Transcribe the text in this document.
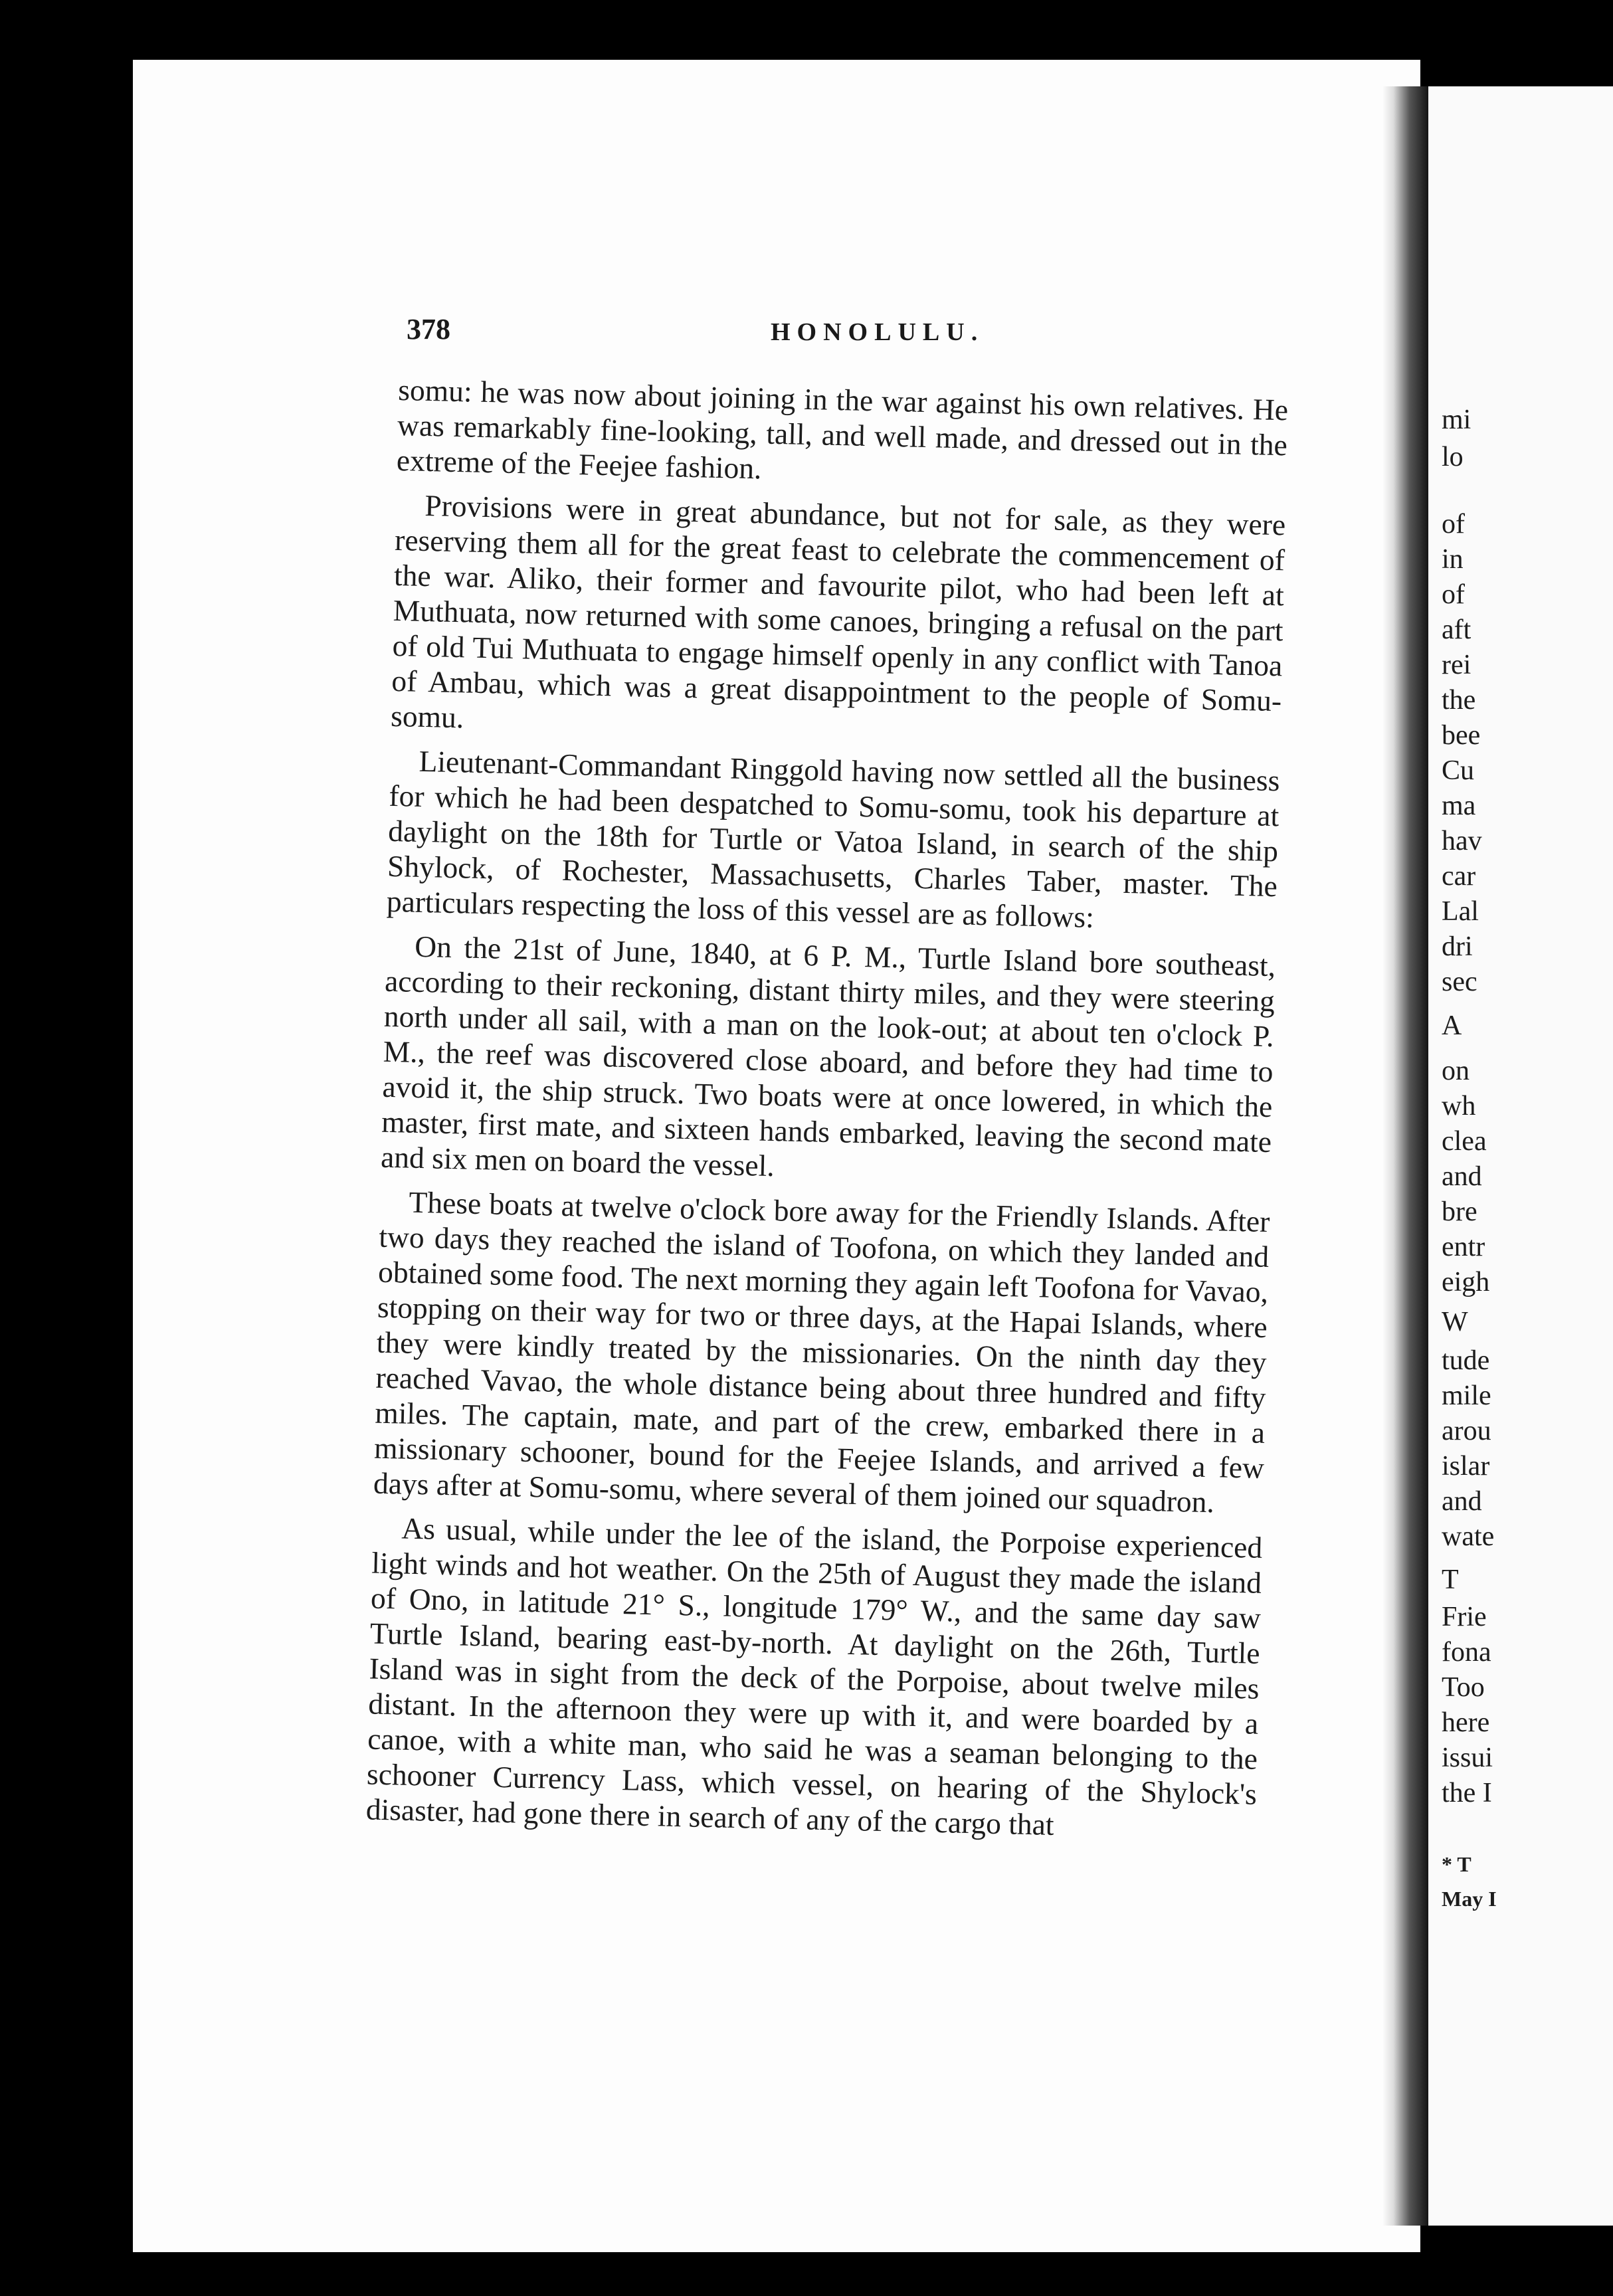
378	HONOLULU.

somu: he was now about joining in the war against his own relatives. He was remarkably fine-looking, tall, and well made, and dressed out in the extreme of the Feejee fashion.

Provisions were in great abundance, but not for sale, as they were reserving them all for the great feast to celebrate the commencement of the war. Aliko, their former and favourite pilot, who had been left at Muthuata, now returned with some canoes, bringing a refusal on the part of old Tui Muthuata to engage himself openly in any conflict with Tanoa of Ambau, which was a great disappointment to the people of Somu-somu.

Lieutenant-Commandant Ringgold having now settled all the business for which he had been despatched to Somu-somu, took his departure at daylight on the 18th for Turtle or Vatoa Island, in search of the ship Shylock, of Rochester, Massachusetts, Charles Taber, master. The particulars respecting the loss of this vessel are as follows:

On the 21st of June, 1840, at 6 P. M., Turtle Island bore southeast, according to their reckoning, distant thirty miles, and they were steering north under all sail, with a man on the look-out; at about ten o'clock P. M., the reef was discovered close aboard, and before they had time to avoid it, the ship struck. Two boats were at once lowered, in which the master, first mate, and sixteen hands embarked, leaving the second mate and six men on board the vessel.

These boats at twelve o'clock bore away for the Friendly Islands. After two days they reached the island of Toofona, on which they landed and obtained some food. The next morning they again left Toofona for Vavao, stopping on their way for two or three days, at the Hapai Islands, where they were kindly treated by the missionaries. On the ninth day they reached Vavao, the whole distance being about three hundred and fifty miles. The captain, mate, and part of the crew, embarked there in a missionary schooner, bound for the Feejee Islands, and arrived a few days after at Somu-somu, where several of them joined our squadron.

As usual, while under the lee of the island, the Porpoise experienced light winds and hot weather. On the 25th of August they made the island of Ono, in latitude 21° S., longitude 179° W., and the same day saw Turtle Island, bearing east-by-north. At daylight on the 26th, Turtle Island was in sight from the deck of the Porpoise, about twelve miles distant. In the afternoon they were up with it, and were boarded by a canoe, with a white man, who said he was a seaman belonging to the schooner Currency Lass, which vessel, on hearing of the Shylock's disaster, had gone there in search of any of the cargo that

mi
lo
of
in
of
aft
rei
the
bee
Cu
ma
hav
car
Lal
dri
sec
A
on
wh
clea
and
bre
entr
eigh
W
tude
mile
arou
islar
and
wate
T
Frie
fona
Too
here
issui
the I
* T
May I
